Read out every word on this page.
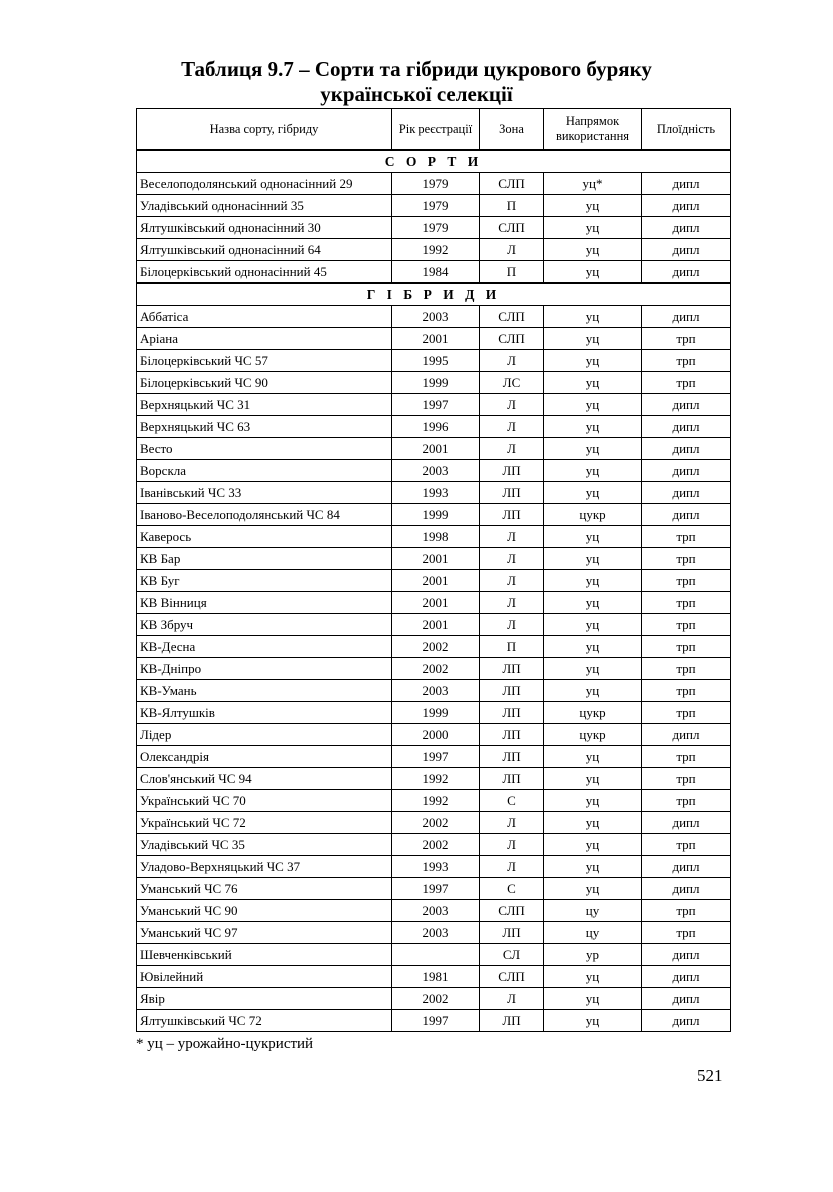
Таблиця 9.7 – Сорти та гібриди цукрового буряку
української селекції
Назва сорту, гібриду	Рік реєстрації	Зона	Напрямок використання	Плоїдність
С О Р Т И				
Веселоподолянський однонасінний 29	1979	СЛП	уц*	дипл
Уладівський однонасінний 35	1979	П	уц	дипл
Ялтушківський однонасінний 30	1979	СЛП	уц	дипл
Ялтушківський однонасінний 64	1992	Л	уц	дипл
Білоцерківський однонасінний 45	1984	П	уц	дипл
Г І Б Р И Д И				
Аббатіса	2003	СЛП	уц	дипл
Аріана	2001	СЛП	уц	трп
Білоцерківський ЧС 57	1995	Л	уц	трп
Білоцерківський ЧС 90	1999	ЛС	уц	трп
Верхняцький ЧС 31	1997	Л	уц	дипл
Верхняцький ЧС 63	1996	Л	уц	дипл
Весто	2001	Л	уц	дипл
Ворскла	2003	ЛП	уц	дипл
Іванівський ЧС 33	1993	ЛП	уц	дипл
Іваново-Веселоподолянський ЧС 84	1999	ЛП	цукр	дипл
Каверось	1998	Л	уц	трп
КВ Бар	2001	Л	уц	трп
КВ Буг	2001	Л	уц	трп
КВ Вінниця	2001	Л	уц	трп
КВ Збруч	2001	Л	уц	трп
КВ-Десна	2002	П	уц	трп
КВ-Дніпро	2002	ЛП	уц	трп
КВ-Умань	2003	ЛП	уц	трп
КВ-Ялтушків	1999	ЛП	цукр	трп
Лідер	2000	ЛП	цукр	дипл
Олександрія	1997	ЛП	уц	трп
Слов'янський ЧС 94	1992	ЛП	уц	трп
Український ЧС 70	1992	С	уц	трп
Український ЧС 72	2002	Л	уц	дипл
Уладівський ЧС 35	2002	Л	уц	трп
Уладово-Верхняцький ЧС 37	1993	Л	уц	дипл
Уманський ЧС 76	1997	С	уц	дипл
Уманський ЧС 90	2003	СЛП	цу	трп
Уманський ЧС 97	2003	ЛП	цу	трп
Шевченківський		СЛ	ур	дипл
Ювілейний	1981	СЛП	уц	дипл
Явір	2002	Л	уц	дипл
Ялтушківський ЧС 72	1997	ЛП	уц	дипл
* уц – урожайно-цукристий
521
